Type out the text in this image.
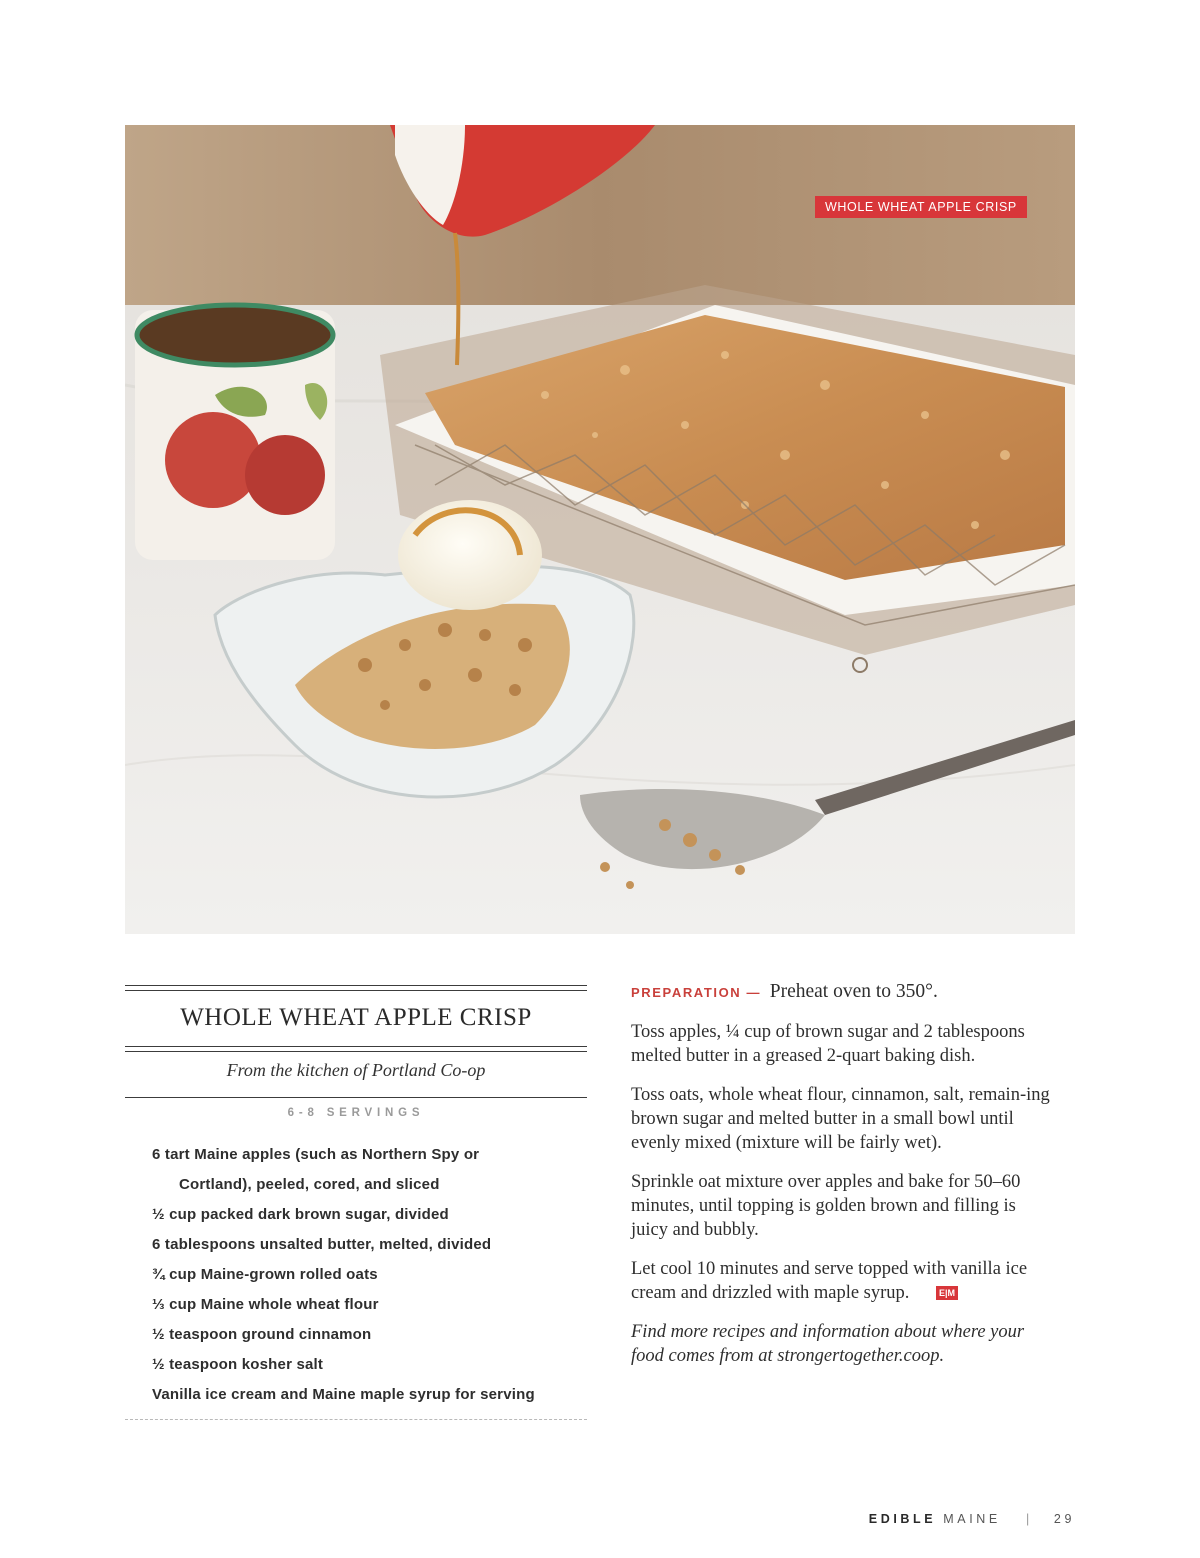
WHOLE WHEAT APPLE CRISP
WHOLE WHEAT APPLE CRISP
From the kitchen of Portland Co-op
6-8 SERVINGS
6 tart Maine apples (such as Northern Spy or
Cortland), peeled, cored, and sliced
½ cup packed dark brown sugar, divided
6 tablespoons unsalted butter, melted, divided
¾ cup Maine-grown rolled oats
⅓ cup Maine whole wheat flour
½ teaspoon ground cinnamon
½ teaspoon kosher salt
Vanilla ice cream and Maine maple syrup for serving

PREPARATION — Preheat oven to 350°.

Toss apples, ¼ cup of brown sugar and 2 tablespoons melted butter in a greased 2-quart baking dish.

Toss oats, whole wheat flour, cinnamon, salt, remain-ing brown sugar and melted butter in a small bowl until evenly mixed (mixture will be fairly wet).

Sprinkle oat mixture over apples and bake for 50–60 minutes, until topping is golden brown and filling is juicy and bubbly.

Let cool 10 minutes and serve topped with vanilla ice cream and drizzled with maple syrup.	E|M

Find more recipes and information about where your food comes from at strongertogether.coop.

EDIBLE MAINE | 29
